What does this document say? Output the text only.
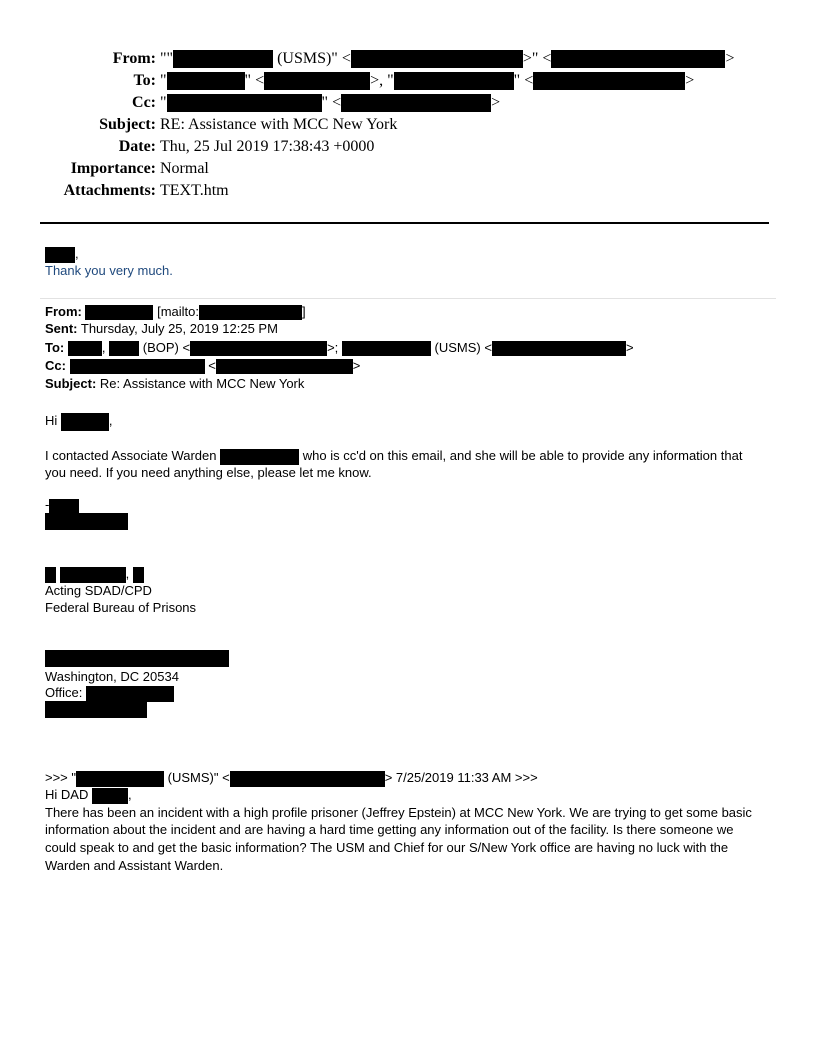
From: ""	(USMS)" <	>" <	>
To: "	" <	>, "	" <	>
Cc: "	" <	>
Subject: RE: Assistance with MCC New York
Date: Thu, 25 Jul 2019 17:38:43 +0000
Importance: Normal
Attachments: TEXT.htm
,
Thank you very much.
From:	[mailto:	]
Sent: Thursday, July 25, 2019 12:25 PM
To:	,	(BOP) <	>;	(USMS) <	>
Cc:	<	>
Subject: Re: Assistance with MCC New York
Hi	,
I contacted Associate Warden	who is cc'd on this email, and she will be able to provide any information that
you need. If you need anything else, please let me know.
-
,
Acting SDAD/CPD
Federal Bureau of Prisons
Washington, DC 20534
Office:
>>> "	(USMS)" <	> 7/25/2019 11:33 AM >>>
Hi DAD	,
There has been an incident with a high profile prisoner (Jeffrey Epstein) at MCC New York. We are trying to get some basic
information about the incident and are having a hard time getting any information out of the facility. Is there someone we
could speak to and get the basic information? The USM and Chief for our S/New York office are having no luck with the
Warden and Assistant Warden.
